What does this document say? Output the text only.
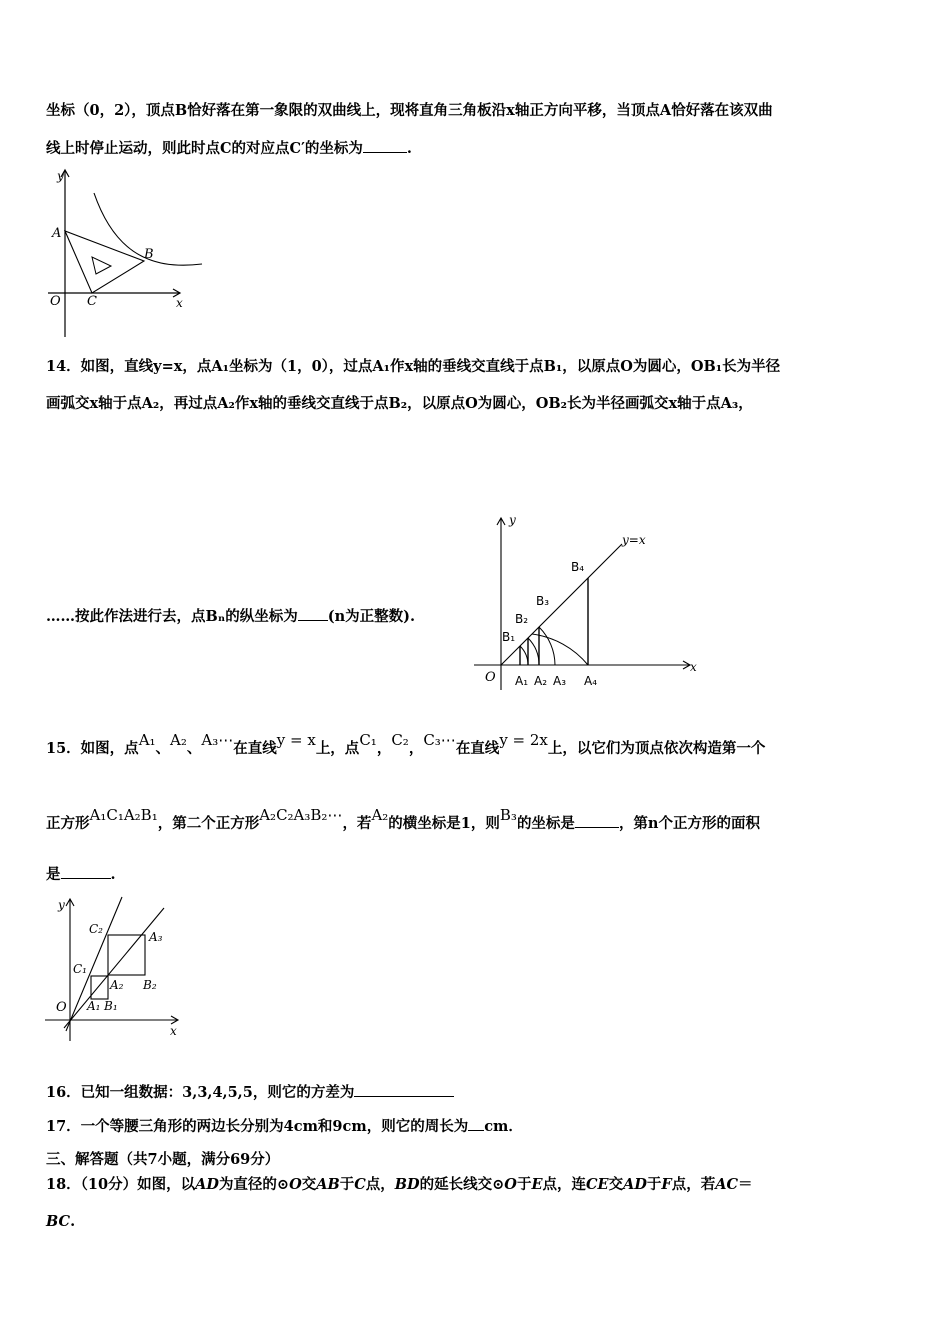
坐标（0，2），顶点B恰好落在第一象限的双曲线上，现将直角三角板沿x轴正方向平移，当顶点A恰好落在该双曲
线上时停止运动，则此时点C的对应点C′的坐标为	.
y
x
A
B
O C
14．如图，直线y=x，点A₁坐标为（1，0），过点A₁作x轴的垂线交直线于点B₁，以原点O为圆心，OB₁长为半径
画弧交x轴于点A₂，再过点A₂作x轴的垂线交直线于点B₂，以原点O为圆心，OB₂长为半径画弧交x轴于点A₃，
……按此作法进行去，点Bₙ的纵坐标为 (n为正整数).
y
x
y=x
O
B₁
B₂
B₃
B₄
A₁ A₂ A₃ A₄
15．如图，点A₁、A₂、A₃⋯在直线y = x上，点C₁，C₂，C₃⋯在直线y = 2x上，以它们为顶点依次构造第一个
正方形A₁C₁A₂B₁，第二个正方形A₂C₂A₃B₂⋯，若A₂的横坐标是1，则B₃的坐标是	，第n个正方形的面积
是	.
y
x
O
C₂
A₃
C₁
A₂ B₂
A₁ B₁
16．已知一组数据：3,3,4,5,5，则它的方差为
17．一个等腰三角形的两边长分别为4cm和9cm，则它的周长为 cm．
三、解答题（共7小题，满分69分）
18．（10分）如图，以AD为直径的⊙O交AB于C点，BD的延长线交⊙O于E点，连CE交AD于F点，若AC＝
BC.
